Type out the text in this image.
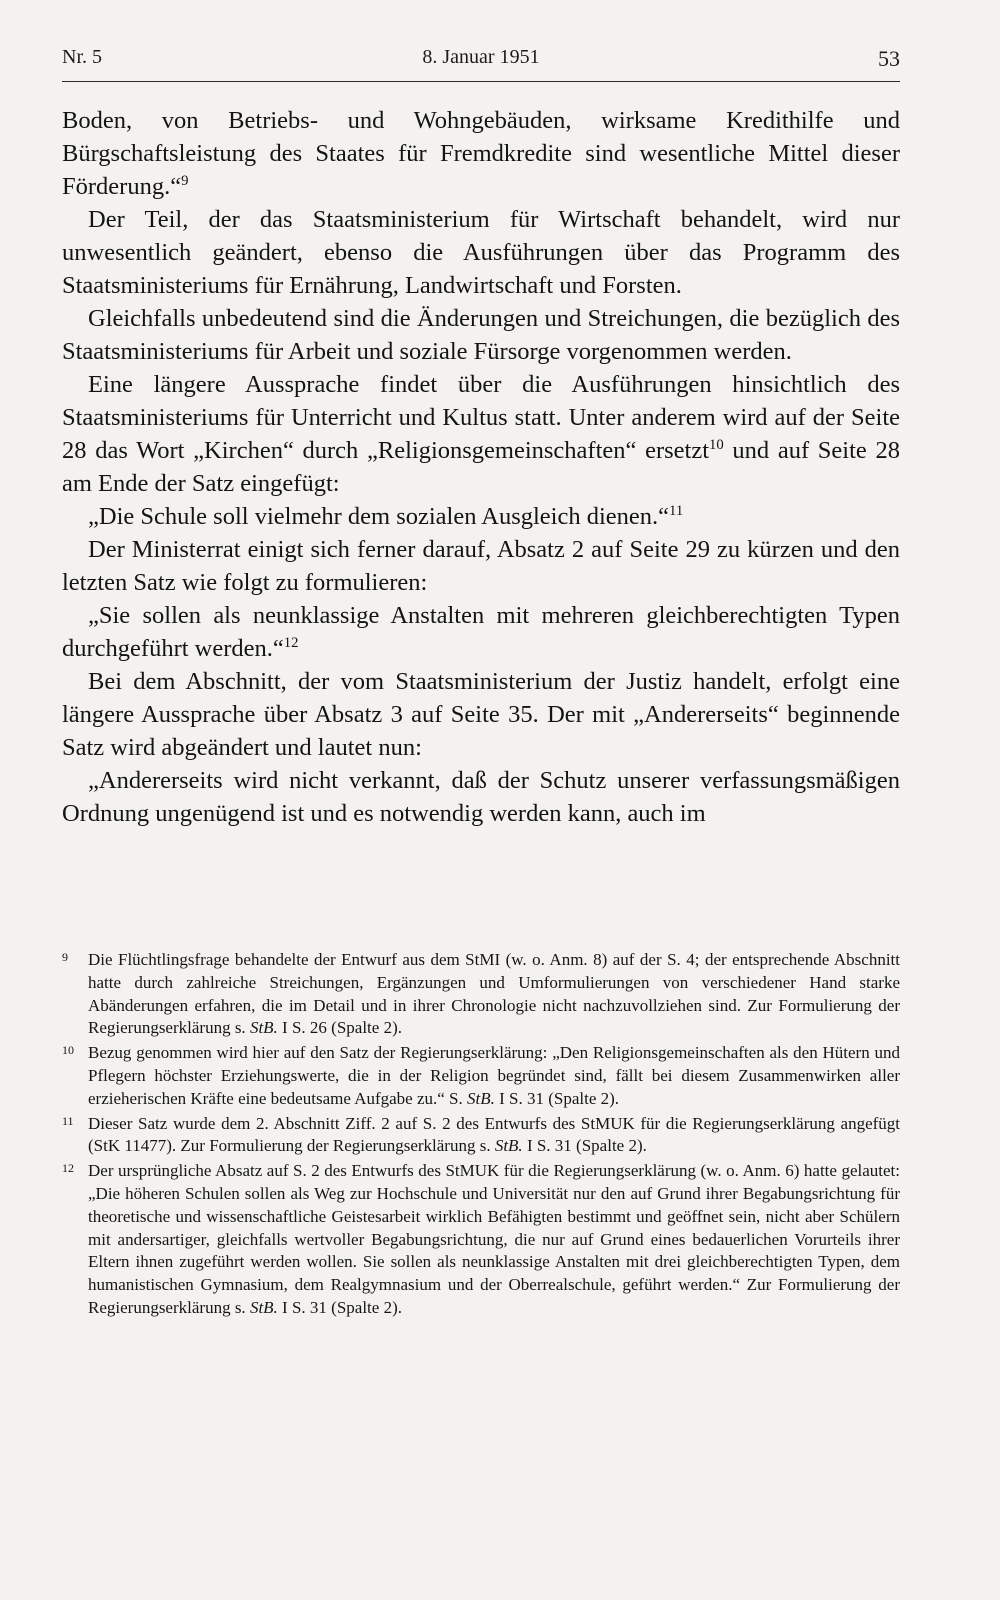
Nr. 5	8. Januar 1951	53

Boden, von Betriebs- und Wohngebäuden, wirksame Kredithilfe und Bürgschaftsleistung des Staates für Fremdkredite sind wesentliche Mittel dieser Förderung.“$^9$

Der Teil, der das Staatsministerium für Wirtschaft behandelt, wird nur unwesentlich geändert, ebenso die Ausführungen über das Programm des Staatsministeriums für Ernährung, Landwirtschaft und Forsten.

Gleichfalls unbedeutend sind die Änderungen und Streichungen, die bezüglich des Staatsministeriums für Arbeit und soziale Fürsorge vorgenommen werden.

Eine längere Aussprache findet über die Ausführungen hinsichtlich des Staatsministeriums für Unterricht und Kultus statt. Unter anderem wird auf der Seite 28 das Wort „Kirchen“ durch „Religionsgemeinschaften“ ersetzt$^{10}$ und auf Seite 28 am Ende der Satz eingefügt:

„Die Schule soll vielmehr dem sozialen Ausgleich dienen.“$^{11}$

Der Ministerrat einigt sich ferner darauf, Absatz 2 auf Seite 29 zu kürzen und den letzten Satz wie folgt zu formulieren:

„Sie sollen als neunklassige Anstalten mit mehreren gleichberechtigten Typen durchgeführt werden.“$^{12}$

Bei dem Abschnitt, der vom Staatsministerium der Justiz handelt, erfolgt eine längere Aussprache über Absatz 3 auf Seite 35. Der mit „Andererseits“ beginnende Satz wird abgeändert und lautet nun:

„Andererseits wird nicht verkannt, daß der Schutz unserer verfassungsmäßigen Ordnung ungenügend ist und es notwendig werden kann, auch im

9	Die Flüchtlingsfrage behandelte der Entwurf aus dem StMI (w. o. Anm. 8) auf der S. 4; der entsprechende Abschnitt hatte durch zahlreiche Streichungen, Ergänzungen und Umformulierungen von verschiedener Hand starke Abänderungen erfahren, die im Detail und in ihrer Chronologie nicht nachzuvollziehen sind. Zur Formulierung der Regierungserklärung s. StB. I S. 26 (Spalte 2).
10 Bezug genommen wird hier auf den Satz der Regierungserklärung: „Den Religionsgemeinschaften als den Hütern und Pflegern höchster Erziehungswerte, die in der Religion begründet sind, fällt bei diesem Zusammenwirken aller erzieherischen Kräfte eine bedeutsame Aufgabe zu.“ S. StB. I S. 31 (Spalte 2).
11 Dieser Satz wurde dem 2. Abschnitt Ziff. 2 auf S. 2 des Entwurfs des StMUK für die Regierungserklärung angefügt (StK 11477). Zur Formulierung der Regierungserklärung s. StB. I S. 31 (Spalte 2).
12 Der ursprüngliche Absatz auf S. 2 des Entwurfs des StMUK für die Regierungserklärung (w. o. Anm. 6) hatte gelautet: „Die höheren Schulen sollen als Weg zur Hochschule und Universität nur den auf Grund ihrer Begabungsrichtung für theoretische und wissenschaftliche Geistesarbeit wirklich Befähigten bestimmt und geöffnet sein, nicht aber Schülern mit andersartiger, gleichfalls wertvoller Begabungsrichtung, die nur auf Grund eines bedauerlichen Vorurteils ihrer Eltern ihnen zugeführt werden wollen. Sie sollen als neunklassige Anstalten mit drei gleichberechtigten Typen, dem humanistischen Gymnasium, dem Realgymnasium und der Oberrealschule, geführt werden.“ Zur Formulierung der Regierungserklärung s. StB. I S. 31 (Spalte 2).
